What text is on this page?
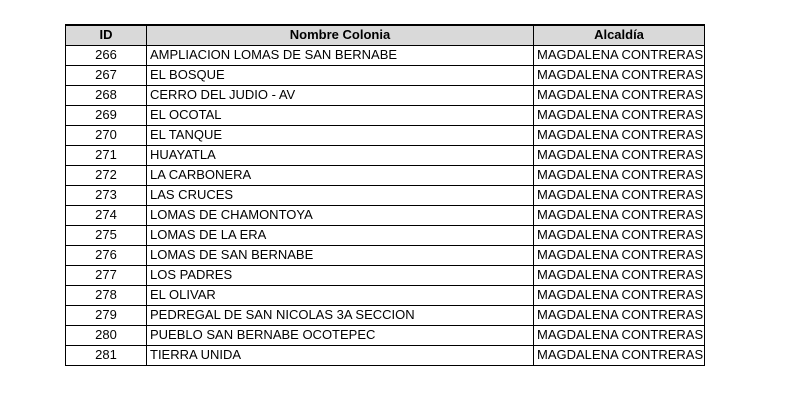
ID	Nombre Colonia	Alcaldía
266	AMPLIACION LOMAS DE SAN BERNABE	MAGDALENA CONTRERAS
267	EL BOSQUE	MAGDALENA CONTRERAS
268	CERRO DEL JUDIO - AV	MAGDALENA CONTRERAS
269	EL OCOTAL	MAGDALENA CONTRERAS
270	EL TANQUE	MAGDALENA CONTRERAS
271	HUAYATLA	MAGDALENA CONTRERAS
272	LA CARBONERA	MAGDALENA CONTRERAS
273	LAS CRUCES	MAGDALENA CONTRERAS
274	LOMAS DE CHAMONTOYA	MAGDALENA CONTRERAS
275	LOMAS DE LA ERA	MAGDALENA CONTRERAS
276	LOMAS DE SAN BERNABE	MAGDALENA CONTRERAS
277	LOS PADRES	MAGDALENA CONTRERAS
278	EL OLIVAR	MAGDALENA CONTRERAS
279	PEDREGAL DE SAN NICOLAS 3A SECCION	MAGDALENA CONTRERAS
280	PUEBLO SAN BERNABE OCOTEPEC	MAGDALENA CONTRERAS
281	TIERRA UNIDA	MAGDALENA CONTRERAS
